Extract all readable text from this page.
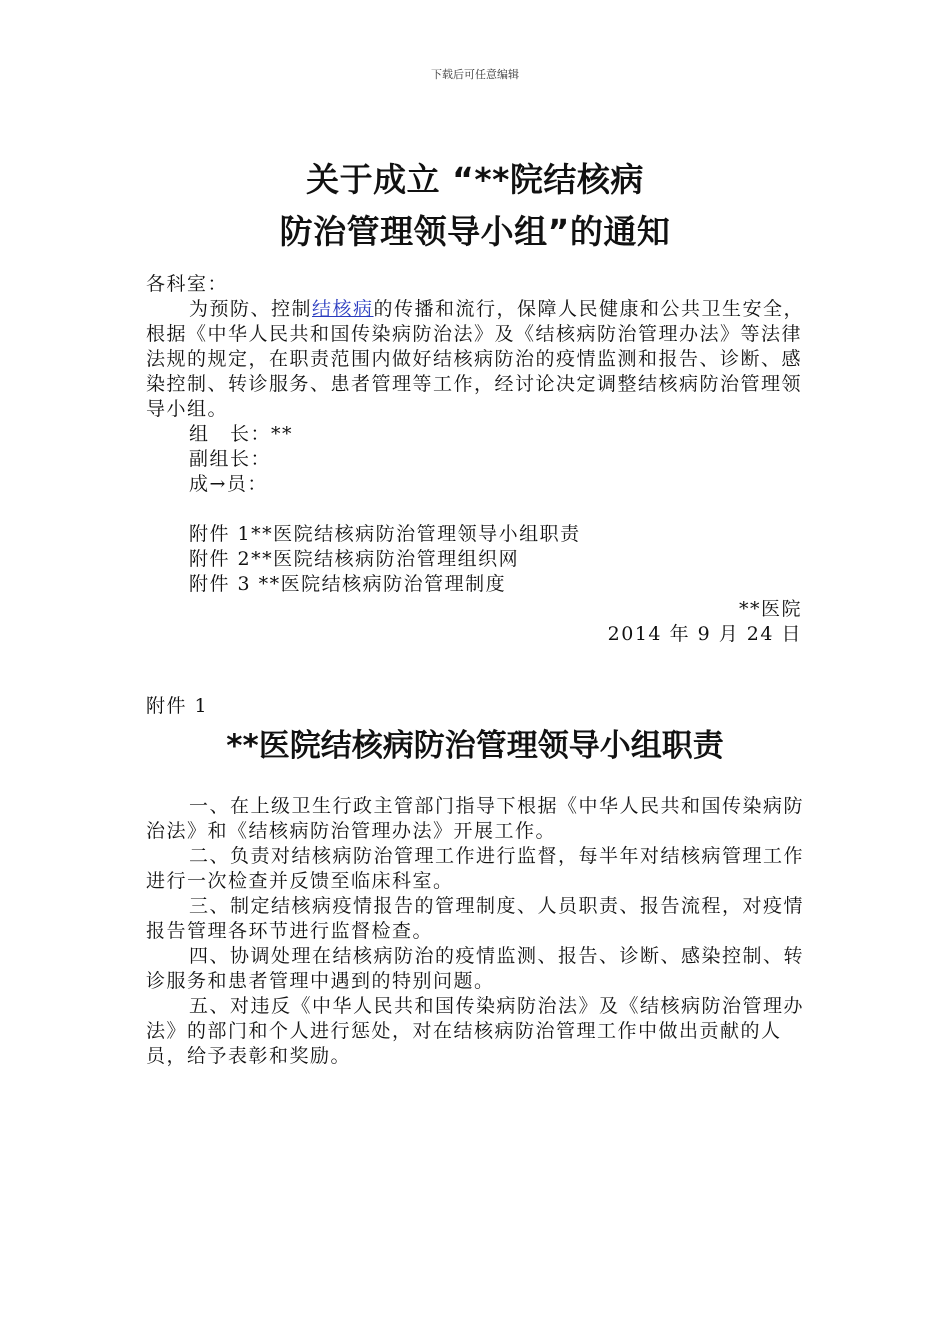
下载后可任意编辑
关于成立 “**院结核病
防治管理领导小组”的通知
各科室：
为预防、控制结核病的传播和流行，保障人民健康和公共卫生安全，根据《中华人民共和国传染病防治法》及《结核病防治管理办法》等法律法规的规定，在职责范围内做好结核病防治的疫情监测和报告、诊断、感染控制、转诊服务、患者管理等工作，经讨论决定调整结核病防治管理领导小组。
组　长：**
副组长：
成→员：
附件 1**医院结核病防治管理领导小组职责
附件 2**医院结核病防治管理组织网
附件 3 **医院结核病防治管理制度
**医院
2014 年 9 月 24 日
附件 1
**医院结核病防治管理领导小组职责
一、在上级卫生行政主管部门指导下根据《中华人民共和国传染病防治法》和《结核病防治管理办法》开展工作。
二、负责对结核病防治管理工作进行监督，每半年对结核病管理工作进行一次检查并反馈至临床科室。
三、制定结核病疫情报告的管理制度、人员职责、报告流程，对疫情报告管理各环节进行监督检查。
四、协调处理在结核病防治的疫情监测、报告、诊断、感染控制、转诊服务和患者管理中遇到的特别问题。
五、对违反《中华人民共和国传染病防治法》及《结核病防治管理办法》的部门和个人进行惩处，对在结核病防治管理工作中做出贡献的人员，给予表彰和奖励。
